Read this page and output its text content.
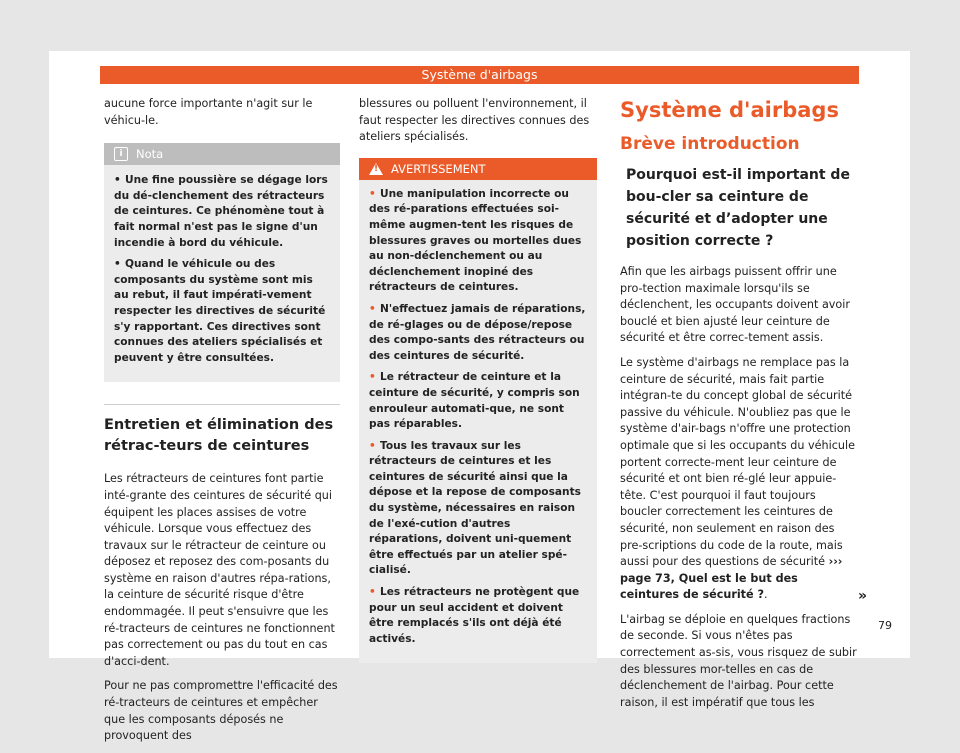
Système d'airbags

aucune force importante n'agit sur le véhicu-le.

i	Nota
• Une fine poussière se dégage lors du dé-clenchement des rétracteurs de ceintures. Ce phénomène tout à fait normal n'est pas le signe d'un incendie à bord du véhicule.
• Quand le véhicule ou des composants du système sont mis au rebut, il faut impérati-vement respecter les directives de sécurité s'y rapportant. Ces directives sont connues des ateliers spécialisés et peuvent y être consultées.
Entretien et élimination des rétrac-teurs de ceintures

Les rétracteurs de ceintures font partie inté-grante des ceintures de sécurité qui équipent les places assises de votre véhicule. Lorsque vous effectuez des travaux sur le rétracteur de ceinture ou déposez et reposez des com-posants du système en raison d'autres répa-rations, la ceinture de sécurité risque d'être endommagée. Il peut s'ensuivre que les ré-tracteurs de ceintures ne fonctionnent pas correctement ou pas du tout en cas d'acci-dent.

Pour ne pas compromettre l'efficacité des ré-tracteurs de ceintures et empêcher que les composants déposés ne provoquent des

blessures ou polluent l'environnement, il faut respecter les directives connues des ateliers spécialisés.

!
AVERTISSEMENT
• Une manipulation incorrecte ou des ré-parations effectuées soi-même augmen-tent les risques de blessures graves ou mortelles dues au non-déclenchement ou au déclenchement inopiné des rétracteurs de ceintures.
• N'effectuez jamais de réparations, de ré-glages ou de dépose/repose des compo-sants des rétracteurs ou des ceintures de sécurité.
• Le rétracteur de ceinture et la ceinture de sécurité, y compris son enrouleur automati-que, ne sont pas réparables.
• Tous les travaux sur les rétracteurs de ceintures et les ceintures de sécurité ainsi que la dépose et la repose de composants du système, nécessaires en raison de l'exé-cution d'autres réparations, doivent uni-quement être effectués par un atelier spé-cialisé.
• Les rétracteurs ne protègent que pour un seul accident et doivent être remplacés s'ils ont déjà été activés.
Système d'airbags
Brève introduction
Pourquoi est-il important de bou-cler sa ceinture de sécurité et d’adopter une position correcte ?

Afin que les airbags puissent offrir une pro-tection maximale lorsqu'ils se déclenchent, les occupants doivent avoir bouclé et bien ajusté leur ceinture de sécurité et être correc-tement assis.

Le système d'airbags ne remplace pas la ceinture de sécurité, mais fait partie intégran-te du concept global de sécurité passive du véhicule. N'oubliez pas que le système d'air-bags n'offre une protection optimale que si les occupants du véhicule portent correcte-ment leur ceinture de sécurité et ont bien ré-glé leur appuie-tête. C'est pourquoi il faut toujours boucler correctement les ceintures de sécurité, non seulement en raison des pre-scriptions du code de la route, mais aussi pour des questions de sécurité ››› page 73, Quel est le but des ceintures de sécurité ?.

L'airbag se déploie en quelques fractions de seconde. Si vous n'êtes pas correctement as-sis, vous risquez de subir des blessures mor-telles en cas de déclenchement de l'airbag. Pour cette raison, il est impératif que tous les

»
79
